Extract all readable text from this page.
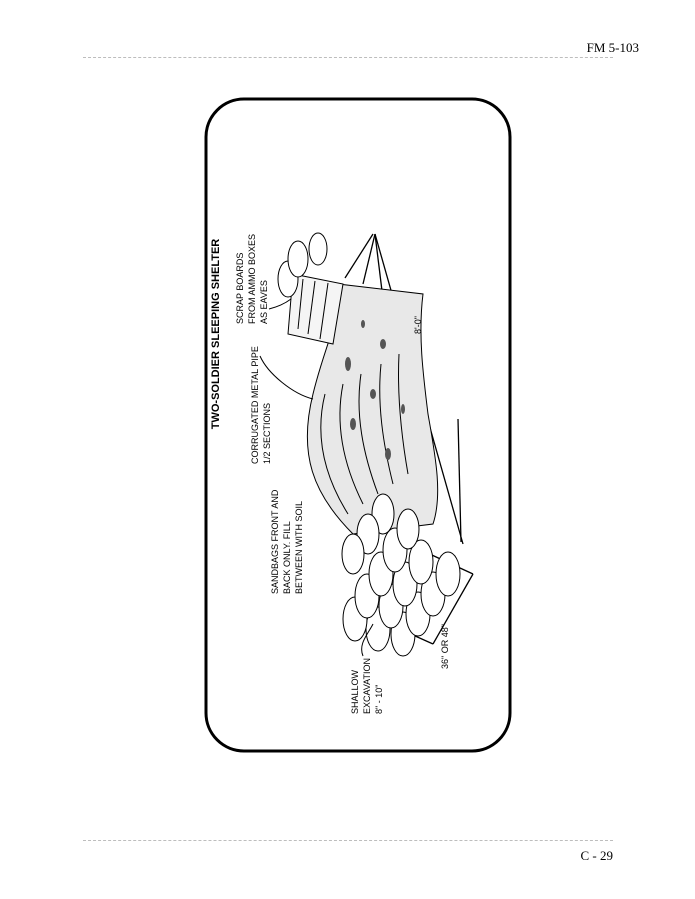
FM 5-103
TWO-SOLDIER SLEEPING SHELTER SCRAP BOARDS FROM AMMO BOXES AS EAVES
CORRUGATED METAL PIPE 1/2 SECTIONS
SANDBAGS FRONT AND BACK ONLY. FILL BETWEEN WITH SOIL
SHALLOW EXCAVATION 8" - 10"
36" OR 48"
8'-0"
C - 29
